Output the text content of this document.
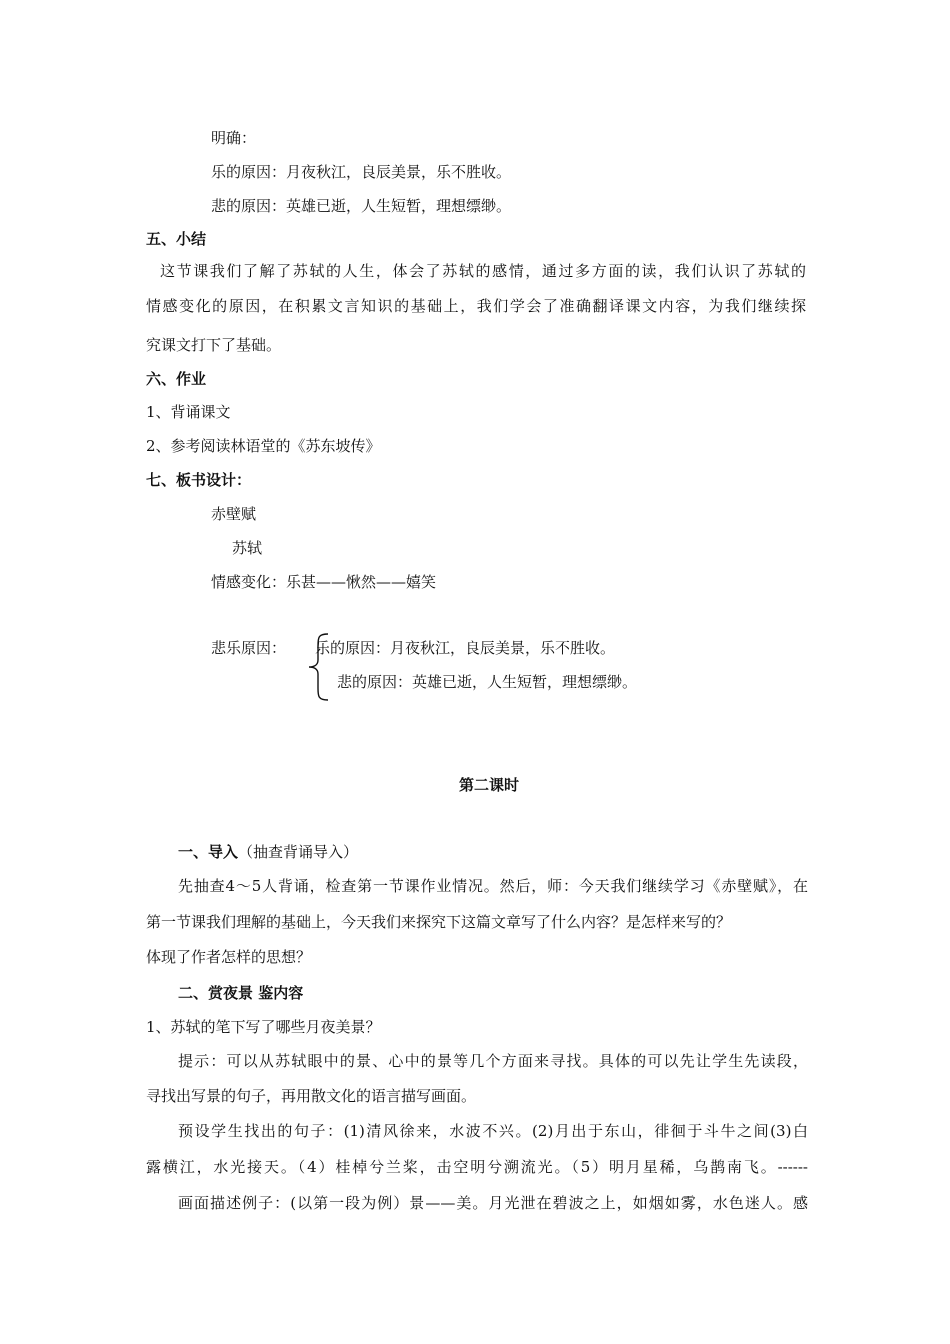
明确：
乐的原因：月夜秋江，良辰美景，乐不胜收。
悲的原因：英雄已逝，人生短暂，理想缥缈。
五、小结
这节课我们了解了苏轼的人生，体会了苏轼的感情，通过多方面的读，我们认识了苏轼的
情感变化的原因，在积累文言知识的基础上，我们学会了准确翻译课文内容，为我们继续探
究课文打下了基础。
六、作业
1、背诵课文
2、参考阅读林语堂的《苏东坡传》
七、板书设计：
赤壁赋
苏轼
情感变化：乐甚——愀然——嬉笑
悲乐原因： 乐的原因：月夜秋江，良辰美景，乐不胜收。
悲的原因：英雄已逝，人生短暂，理想缥缈。
第二课时
一、导入（抽查背诵导入）
先抽查4～5人背诵，检查第一节课作业情况。然后，师：今天我们继续学习《赤壁赋》，在
第一节课我们理解的基础上，今天我们来探究下这篇文章写了什么内容？是怎样来写的？
体现了作者怎样的思想？
二、赏夜景 鉴内容
1、苏轼的笔下写了哪些月夜美景？
提示：可以从苏轼眼中的景、心中的景等几个方面来寻找。具体的可以先让学生先读段，
寻找出写景的句子，再用散文化的语言描写画面。
预设学生找出的句子：(1)清风徐来，水波不兴。(2)月出于东山，徘徊于斗牛之间(3)白
露横江，水光接天。（4）桂棹兮兰桨，击空明兮溯流光。（5）明月星稀，乌鹊南飞。------
画面描述例子：(以第一段为例）景——美。月光泄在碧波之上，如烟如雾，水色迷人。感
